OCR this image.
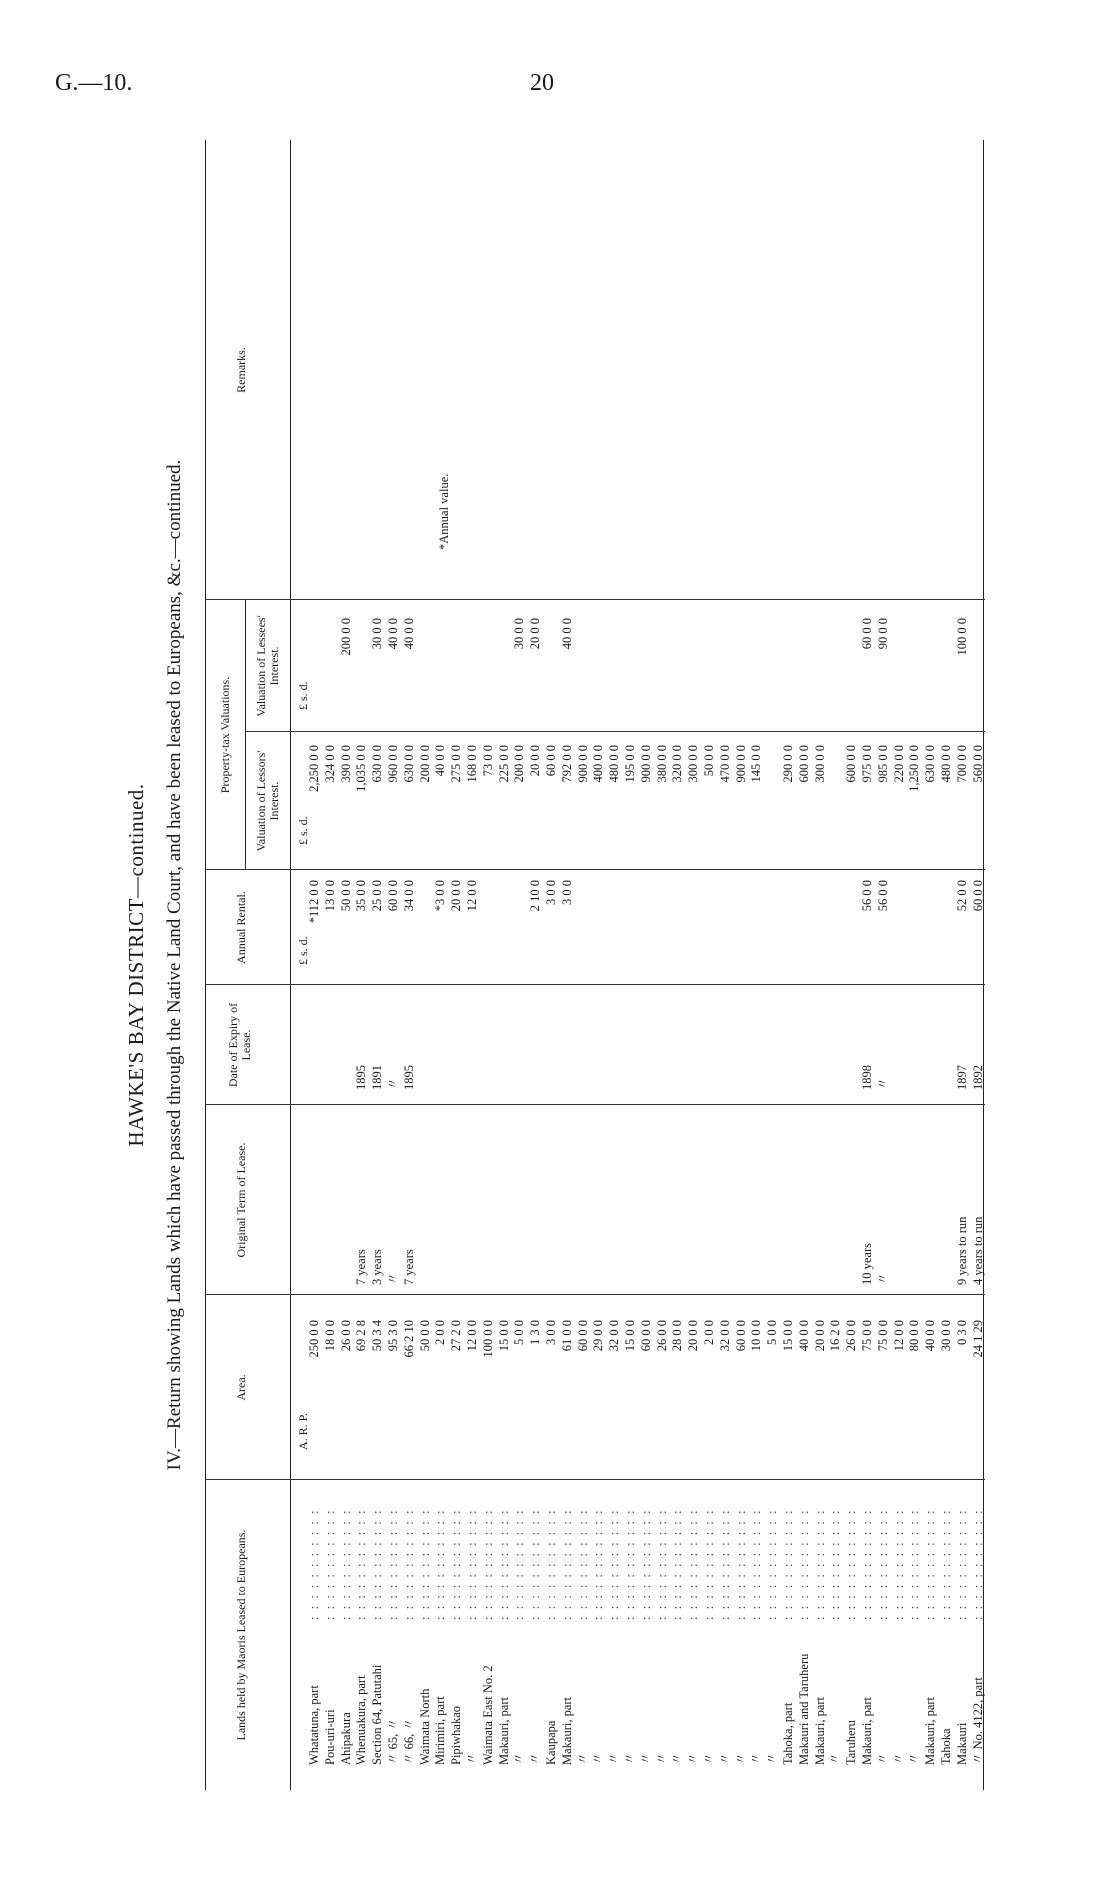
G.—10.	20
HAWKE'S BAY DISTRICT—continued. IV.—Return showing Lands which have passed through the Native Land Court, and have been leased to Europeans, &c.—continued.
Lands held by Maoris Leased to Europeans.
Area.
Original Term of Lease.
Date of Expiry of Lease.
Annual Rental.
Property-tax Valuations.
Valuation of Lessors' Interest.
Valuation of Lessees' Interest.
Remarks.
A. R. P.
£ s. d.
£ s. d.
£ s. d.
Whatatuna, part
250 0 0
*112 0 0
2,250 0 0
: : : : : : : : : : :
Pou-uri-uri
18 0 0
13 0 0
324 0 0
: : : : : : : : : : :
Ahipakura
26 0 0
50 0 0
390 0 0
200 0 0
: : : : : : : : : : :
Whenuakura, part
69 2 8
7 years
1895
35 0 0
1,035 0 0
: : : : : : : : : : :
Section 64, Patutahi
50 3 4
3 years
1891
25 0 0
630 0 0
30 0 0
: : : : : : : : : : :
〃 65, 〃
95 3 0
〃
〃
60 0 0
960 0 0
40 0 0
: : : : : : : : : : :
〃 66, 〃
66 2 10
7 years
1895
34 0 0
630 0 0
40 0 0
: : : : : : : : : : :
Waimata North
50 0 0
200 0 0
: : : : : : : : : : :
Mirimiri, part
2 0 0
*3 0 0
40 0 0
: : : : : : : : : : :
Pipiwhakao
27 2 0
20 0 0
275 0 0
: : : : : : : : : : :
〃
12 0 0
12 0 0
168 0 0
: : : : : : : : : : :
Waimata East No. 2
100 0 0
73 0 0
: : : : : : : : : : :
Makauri, part
15 0 0
225 0 0
: : : : : : : : : : :
〃
5 0 0
200 0 0
30 0 0
: : : : : : : : : : :
〃
1 3 0
2 10 0
20 0 0
20 0 0
: : : : : : : : : : :
Kaupapa
3 0 0
3 0 0
60 0 0
: : : : : : : : : : :
Makauri, part
61 0 0
3 0 0
792 0 0
40 0 0
: : : : : : : : : : :
〃
60 0 0
900 0 0
: : : : : : : : : : :
〃
29 0 0
400 0 0
: : : : : : : : : : :
〃
32 0 0
480 0 0
: : : : : : : : : : :
〃
15 0 0
195 0 0
: : : : : : : : : : :
〃
60 0 0
900 0 0
: : : : : : : : : : :
〃
26 0 0
380 0 0
: : : : : : : : : : :
〃
28 0 0
320 0 0
: : : : : : : : : : :
〃
20 0 0
300 0 0
: : : : : : : : : : :
〃
2 0 0
50 0 0
: : : : : : : : : : :
〃
32 0 0
470 0 0
: : : : : : : : : : :
〃
60 0 0
900 0 0
: : : : : : : : : : :
〃
10 0 0
145 0 0
: : : : : : : : : : :
〃
5 0 0
: : : : : : : : : : :
Tahoka, part
15 0 0
290 0 0
: : : : : : : : : : :
Makauri and Taruheru
40 0 0
600 0 0
: : : : : : : : : : :
Makauri, part
20 0 0
300 0 0
: : : : : : : : : : :
〃
16 2 0
: : : : : : : : : : :
Taruheru
26 0 0
600 0 0
: : : : : : : : : : :
Makauri, part
75 0 0
10 years
1898
56 0 0
975 0 0
60 0 0
: : : : : : : : : : :
〃
75 0 0
〃
〃
56 0 0
985 0 0
90 0 0
: : : : : : : : : : :
〃
12 0 0
220 0 0
: : : : : : : : : : :
〃
80 0 0
1,250 0 0
: : : : : : : : : : :
Makauri, part
40 0 0
630 0 0
: : : : : : : : : : :
Tahoka
30 0 0
480 0 0
: : : : : : : : : : :
Makauri
0 3 0
9 years to run
1897
52 0 0
700 0 0
100 0 0
: : : : : : : : : : :
〃 No. 4122, part
24 1 29
4 years to run
1892
60 0 0
560 0 0
: : : : : : : : : : :
*Annual value.
